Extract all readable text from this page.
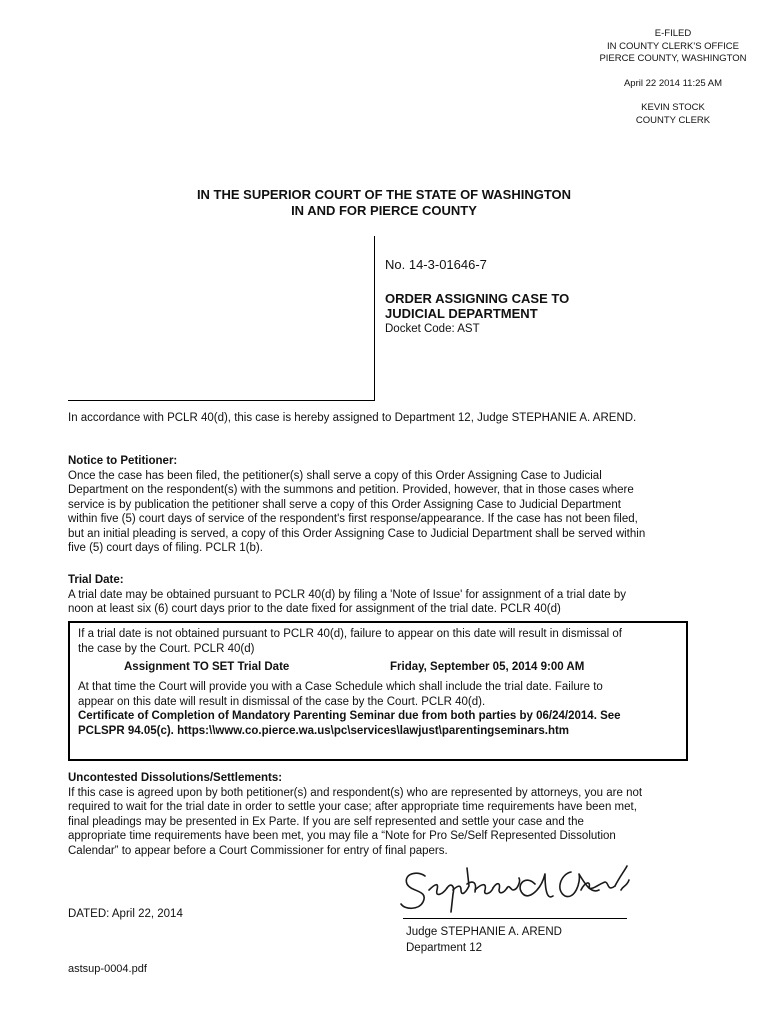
E-FILED
IN COUNTY CLERK'S OFFICE
PIERCE COUNTY, WASHINGTON
April 22 2014 11:25 AM
KEVIN STOCK
COUNTY CLERK
IN THE SUPERIOR COURT OF THE STATE OF WASHINGTON
IN AND FOR PIERCE COUNTY
No. 14-3-01646-7
ORDER ASSIGNING CASE TO
JUDICIAL DEPARTMENT
Docket Code: AST
In accordance with PCLR 40(d), this case is hereby assigned to Department 12, Judge STEPHANIE A. AREND.
Notice to Petitioner:
Once the case has been filed, the petitioner(s) shall serve a copy of this Order Assigning Case to Judicial
Department on the respondent(s) with the summons and petition. Provided, however, that in those cases where
service is by publication the petitioner shall serve a copy of this Order Assigning Case to Judicial Department
within five (5) court days of service of the respondent's first response/appearance. If the case has not been filed,
but an initial pleading is served, a copy of this Order Assigning Case to Judicial Department shall be served within
five (5) court days of filing. PCLR 1(b).
Trial Date:
A trial date may be obtained pursuant to PCLR 40(d) by filing a 'Note of Issue' for assignment of a trial date by
noon at least six (6) court days prior to the date fixed for assignment of the trial date. PCLR 40(d)
If a trial date is not obtained pursuant to PCLR 40(d), failure to appear on this date will result in dismissal of
the case by the Court. PCLR 40(d)
Assignment TO SET Trial Date	Friday, September 05, 2014 9:00 AM
At that time the Court will provide you with a Case Schedule which shall include the trial date. Failure to
appear on this date will result in dismissal of the case by the Court. PCLR 40(d).
Certificate of Completion of Mandatory Parenting Seminar due from both parties by 06/24/2014. See
PCLSPR 94.05(c). https:\\www.co.pierce.wa.us\pc\services\lawjust\parentingseminars.htm
Uncontested Dissolutions/Settlements:
If this case is agreed upon by both petitioner(s) and respondent(s) who are represented by attorneys, you are not
required to wait for the trial date in order to settle your case; after appropriate time requirements have been met,
final pleadings may be presented in Ex Parte. If you are self represented and settle your case and the
appropriate time requirements have been met, you may file a “Note for Pro Se/Self Represented Dissolution
Calendar” to appear before a Court Commissioner for entry of final papers.
Stephanie A Arend
DATED: April 22, 2014
Judge STEPHANIE A. AREND
Department 12
astsup-0004.pdf
